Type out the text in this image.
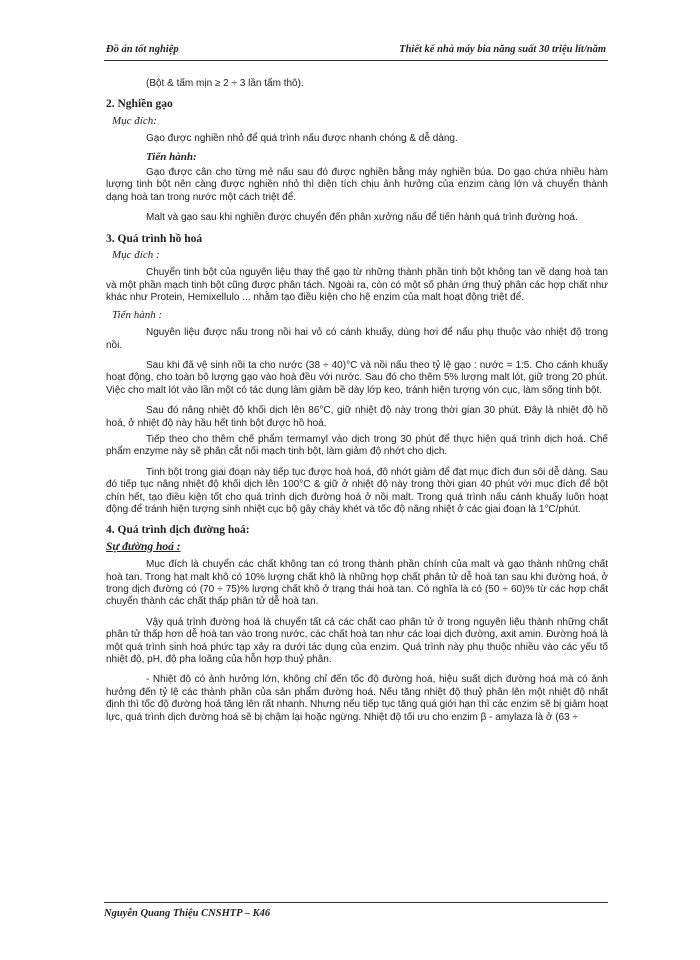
Đồ án tốt nghiệp	Thiết kế nhà máy bia năng suất 30 triệu lít/năm

(Bột & tấm mịn ≥ 2 ÷ 3 lần tấm thô).

2. Nghiền gạo
Mục đích:

Gạo được nghiền nhỏ để quá trình nấu được nhanh chóng & dễ dàng.

Tiến hành:

Gạo được cân cho từng mẻ nấu sau đó được nghiền bằng máy nghiền búa. Do gạo chứa nhiều hàm lượng tinh bột nên càng được nghiền nhỏ thì diện tích chịu ảnh hưởng của enzim càng lớn và chuyển thành dạng hoà tan trong nước một cách triệt để.

Malt và gạo sau khi nghiền được chuyển đến phân xưởng nấu để tiến hành quá trình đường hoá.

3. Quá trình hồ hoá
Mục đích :

Chuyển tinh bột của nguyên liệu thay thế gạo từ những thành phần tinh bột không tan về dạng hoà tan và một phần mạch tinh bột cũng được phân tách. Ngoài ra, còn có một số phản ứng thuỷ phân các hợp chất như khác như Protein, Hemixellulo ... nhằm tạo điều kiện cho hệ enzim của malt hoạt động triệt để.

Tiến hành :

Nguyên liệu được nấu trong nồi hai vỏ có cánh khuấy, dùng hơi để nấu phụ thuộc vào nhiệt độ trong nồi.

Sau khi đã vệ sinh nồi ta cho nước (38 ÷ 40)°C và nồi nấu theo tỷ lệ gạo : nước = 1:5. Cho cánh khuấy hoạt động, cho toàn bộ lượng gạo vào hoà đều với nước. Sau đó cho thêm 5% lượng malt lót, giữ trong 20 phút. Việc cho malt lót vào lần một có tác dụng làm giảm bề dày lớp keo, tránh hiện tượng vón cục, làm sống tinh bột.

Sau đó nâng nhiệt độ khối dịch lên 86°C, giữ nhiệt độ này trong thời gian 30 phút. Đây là nhiệt độ hồ hoá, ở nhiệt độ này hầu hết tinh bột được hồ hoá.

Tiếp theo cho thêm chế phẩm termamyl vào dịch trong 30 phút để thực hiện quá trình dịch hoá. Chế phẩm enzyme này sẽ phân cắt nối mạch tinh bột, làm giảm độ nhớt cho dịch.

Tinh bột trong giai đoạn này tiếp tục được hoà hoá, độ nhớt giảm để đạt mục đích đun sôi dễ dàng. Sau đó tiếp tục nâng nhiệt độ khối dịch lên 100°C & giữ ở nhiệt độ này trong thời gian 40 phút với mục đích để bột chín hết, tạo điều kiện tốt cho quá trình dịch đường hoá ở nồi malt. Trong quá trình nấu cánh khuấy luôn hoạt động để tránh hiện tượng sinh nhiệt cục bộ gây cháy khét và tốc độ nâng nhiệt ở các giai đoạn là 1°C/phút.

4. Quá trình dịch đường hoá:
Sự đường hoá :

Mục đích là chuyển các chất không tan có trong thành phần chính của malt và gạo thành những chất hoà tan. Trong hạt malt khô có 10% lượng chất khô là những hợp chất phân tử dễ hoà tan sau khi đường hoá, ở trong dịch đường có (70 ÷ 75)% lượng chất khô ở trạng thái hoà tan. Có nghĩa là có (50 ÷ 60)% từ các hợp chất chuyển thành các chất thấp phân tử dễ hoà tan.

Vậy quá trình đường hoá là chuyển tất cả các chất cao phân tử ở trong nguyên liệu thành những chất phân tử thấp hơn dễ hoà tan vào trong nước, các chất hoà tan như các loại dịch đường, axit amin. Đường hoá là một quá trình sinh hoá phức tạp xảy ra dưới tác dụng của enzim. Quá trình này phụ thuộc nhiều vào các yếu tố nhiệt độ, pH, độ pha loãng của hỗn hợp thuỷ phân.

- Nhiệt độ có ảnh hưởng lớn, không chỉ đến tốc độ đường hoá, hiệu suất dịch đường hoá mà có ảnh hưởng đến tỷ lệ các thành phần của sản phẩm đường hoá. Nếu tăng nhiệt độ thuỷ phân lên một nhiệt độ nhất định thì tốc độ đường hoá tăng lên rất nhanh. Nhưng nếu tiếp tục tăng quá giới hạn thì các enzim sẽ bị giảm hoạt lực, quá trình dịch đường hoá sẽ bị chậm lại hoặc ngừng. Nhiệt độ tối ưu cho enzim β - amylaza là ở (63 ÷

Nguyễn Quang Thiệu CNSHTP – K46
